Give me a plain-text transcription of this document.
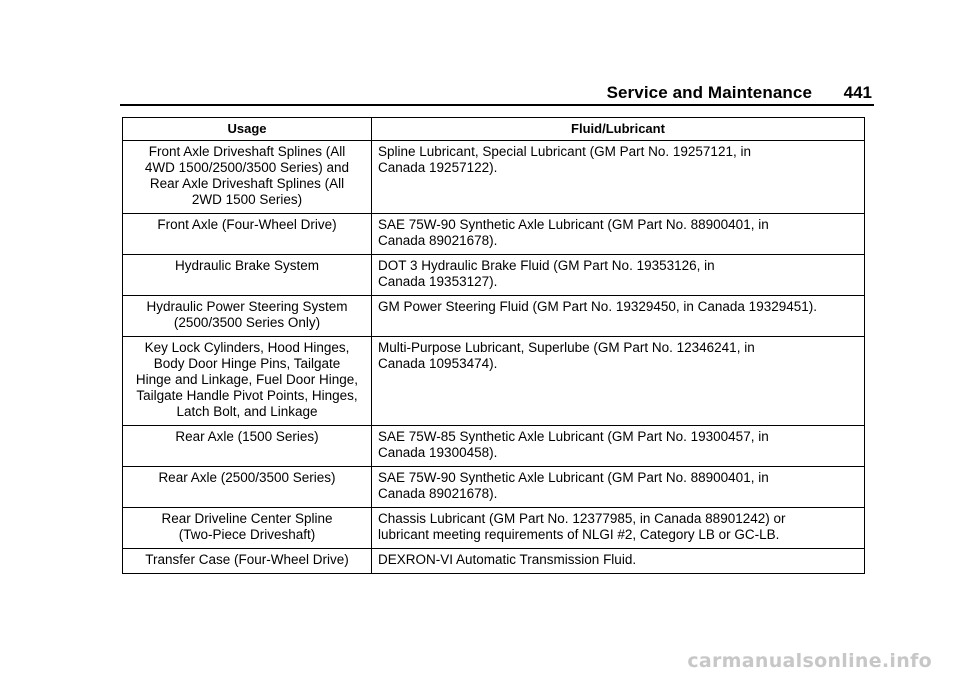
Service and Maintenance 441
Usage	Fluid/Lubricant

Front Axle Driveshaft Splines (All
4WD 1500/2500/3500 Series) and
Rear Axle Driveshaft Splines (All
2WD 1500 Series)	Spline Lubricant, Special Lubricant (GM Part No. 19257121, in
Canada 19257122).

Front Axle (Four-Wheel Drive)	SAE 75W-90 Synthetic Axle Lubricant (GM Part No. 88900401, in
Canada 89021678).

Hydraulic Brake System	DOT 3 Hydraulic Brake Fluid (GM Part No. 19353126, in
Canada 19353127).

Hydraulic Power Steering System
(2500/3500 Series Only)	GM Power Steering Fluid (GM Part No. 19329450, in Canada 19329451).

Key Lock Cylinders, Hood Hinges,
Body Door Hinge Pins, Tailgate
Hinge and Linkage, Fuel Door Hinge,
Tailgate Handle Pivot Points, Hinges,
Latch Bolt, and Linkage	Multi-Purpose Lubricant, Superlube (GM Part No. 12346241, in
Canada 10953474).

Rear Axle (1500 Series)	SAE 75W-85 Synthetic Axle Lubricant (GM Part No. 19300457, in
Canada 19300458).

Rear Axle (2500/3500 Series)	SAE 75W-90 Synthetic Axle Lubricant (GM Part No. 88900401, in
Canada 89021678).

Rear Driveline Center Spline
(Two-Piece Driveshaft)	Chassis Lubricant (GM Part No. 12377985, in Canada 88901242) or
lubricant meeting requirements of NLGI #2, Category LB or GC-LB.

Transfer Case (Four-Wheel Drive)	DEXRON-VI Automatic Transmission Fluid.
carmanualsonline.info
